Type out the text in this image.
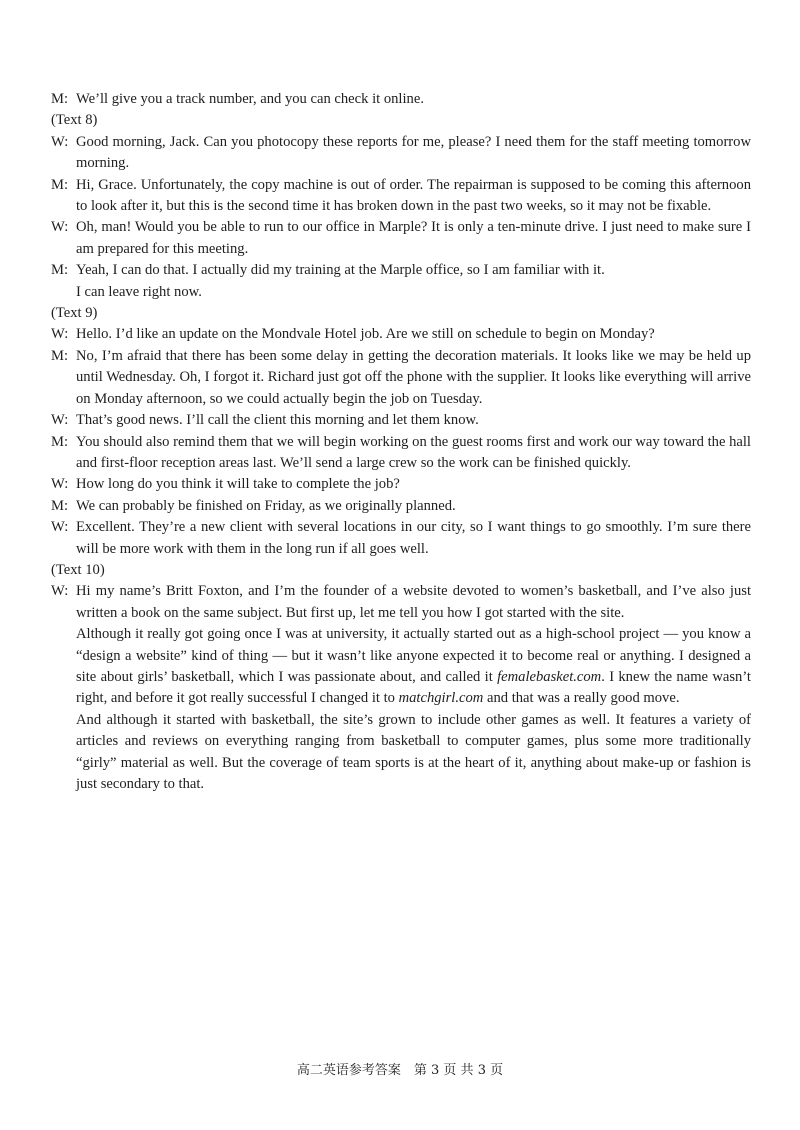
M: We’ll give you a track number, and you can check it online.

(Text 8)

W: Good morning, Jack. Can you photocopy these reports for me, please? I need them for the staff meeting tomorrow morning.

M: Hi, Grace. Unfortunately, the copy machine is out of order. The repairman is supposed to be coming this afternoon to look after it, but this is the second time it has broken down in the past two weeks, so it may not be fixable.

W: Oh, man! Would you be able to run to our office in Marple? It is only a ten-minute drive. I just need to make sure I am prepared for this meeting.

M: Yeah, I can do that. I actually did my training at the Marple office, so I am familiar with it.
I can leave right now.

(Text 9)

W: Hello. I’d like an update on the Mondvale Hotel job. Are we still on schedule to begin on Monday?

M: No, I’m afraid that there has been some delay in getting the decoration materials. It looks like we may be held up until Wednesday. Oh, I forgot it. Richard just got off the phone with the supplier. It looks like everything will arrive on Monday afternoon, so we could actually begin the job on Tuesday.

W: That’s good news. I’ll call the client this morning and let them know.

M: You should also remind them that we will begin working on the guest rooms first and work our way toward the hall and first-floor reception areas last. We’ll send a large crew so the work can be finished quickly.

W: How long do you think it will take to complete the job?

M: We can probably be finished on Friday, as we originally planned.

W: Excellent. They’re a new client with several locations in our city, so I want things to go smoothly. I’m sure there will be more work with them in the long run if all goes well.

(Text 10)

W: Hi my name’s Britt Foxton, and I’m the founder of a website devoted to women’s basketball, and I’ve also just written a book on the same subject. But first up, let me tell you how I got started with the site.
Although it really got going once I was at university, it actually started out as a high-school project — you know a “design a website” kind of thing — but it wasn’t like anyone expected it to become real or anything. I designed a site about girls’ basketball, which I was passionate about, and called it femalebasket.com. I knew the name wasn’t right, and before it got really successful I changed it to matchgirl.com and that was a really good move.
And although it started with basketball, the site’s grown to include other games as well. It features a variety of articles and reviews on everything ranging from basketball to computer games, plus some more traditionally “girly” material as well. But the coverage of team sports is at the heart of it, anything about make-up or fashion is just secondary to that.
高二英语参考答案　第 3 页 共 3 页
